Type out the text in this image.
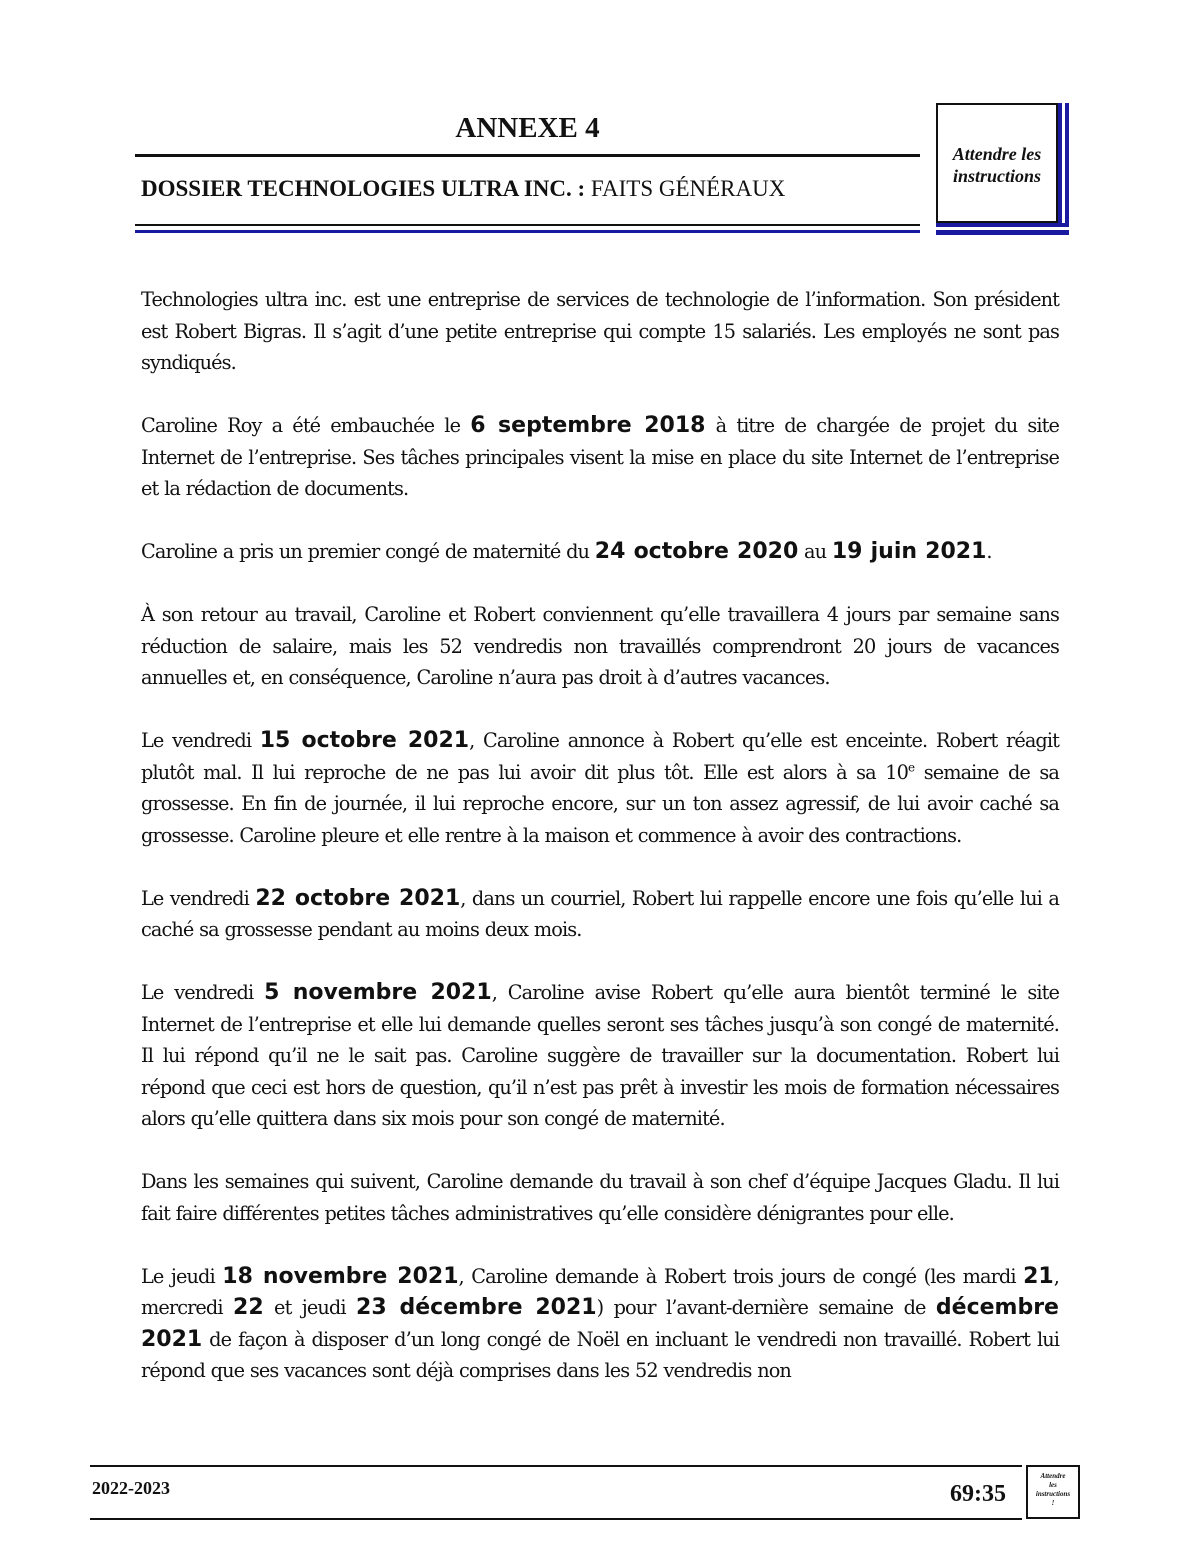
ANNEXE 4
DOSSIER TECHNOLOGIES ULTRA INC. : FAITS GÉNÉRAUX
Attendre les
instructions

Technologies ultra inc. est une entreprise de services de technologie de l’information. Son président est Robert Bigras. Il s’agit d’une petite entreprise qui compte 15 salariés. Les employés ne sont pas syndiqués.

Caroline Roy a été embauchée le 6 septembre 2018 à titre de chargée de projet du site Internet de l’entreprise. Ses tâches principales visent la mise en place du site Internet de l’entreprise et la rédaction de documents.

Caroline a pris un premier congé de maternité du 24 octobre 2020 au 19 juin 2021.

À son retour au travail, Caroline et Robert conviennent qu’elle travaillera 4 jours par semaine sans réduction de salaire, mais les 52 vendredis non travaillés comprendront 20 jours de vacances annuelles et, en conséquence, Caroline n’aura pas droit à d’autres vacances.

Le vendredi 15 octobre 2021, Caroline annonce à Robert qu’elle est enceinte. Robert réagit plutôt mal. Il lui reproche de ne pas lui avoir dit plus tôt. Elle est alors à sa 10e semaine de sa grossesse. En fin de journée, il lui reproche encore, sur un ton assez agressif, de lui avoir caché sa grossesse. Caroline pleure et elle rentre à la maison et commence à avoir des contractions.

Le vendredi 22 octobre 2021, dans un courriel, Robert lui rappelle encore une fois qu’elle lui a caché sa grossesse pendant au moins deux mois.

Le vendredi 5 novembre 2021, Caroline avise Robert qu’elle aura bientôt terminé le site Internet de l’entreprise et elle lui demande quelles seront ses tâches jusqu’à son congé de maternité. Il lui répond qu’il ne le sait pas. Caroline suggère de travailler sur la documentation. Robert lui répond que ceci est hors de question, qu’il n’est pas prêt à investir les mois de formation nécessaires alors qu’elle quittera dans six mois pour son congé de maternité.

Dans les semaines qui suivent, Caroline demande du travail à son chef d’équipe Jacques Gladu. Il lui fait faire différentes petites tâches administratives qu’elle considère dénigrantes pour elle.

Le jeudi 18 novembre 2021, Caroline demande à Robert trois jours de congé (les mardi 21, mercredi 22 et jeudi 23 décembre 2021) pour l’avant-dernière semaine de décembre 2021 de façon à disposer d’un long congé de Noël en incluant le vendredi non travaillé. Robert lui répond que ses vacances sont déjà comprises dans les 52 vendredis non

2022-2023	69:35
Attendre
les
instructions
!
